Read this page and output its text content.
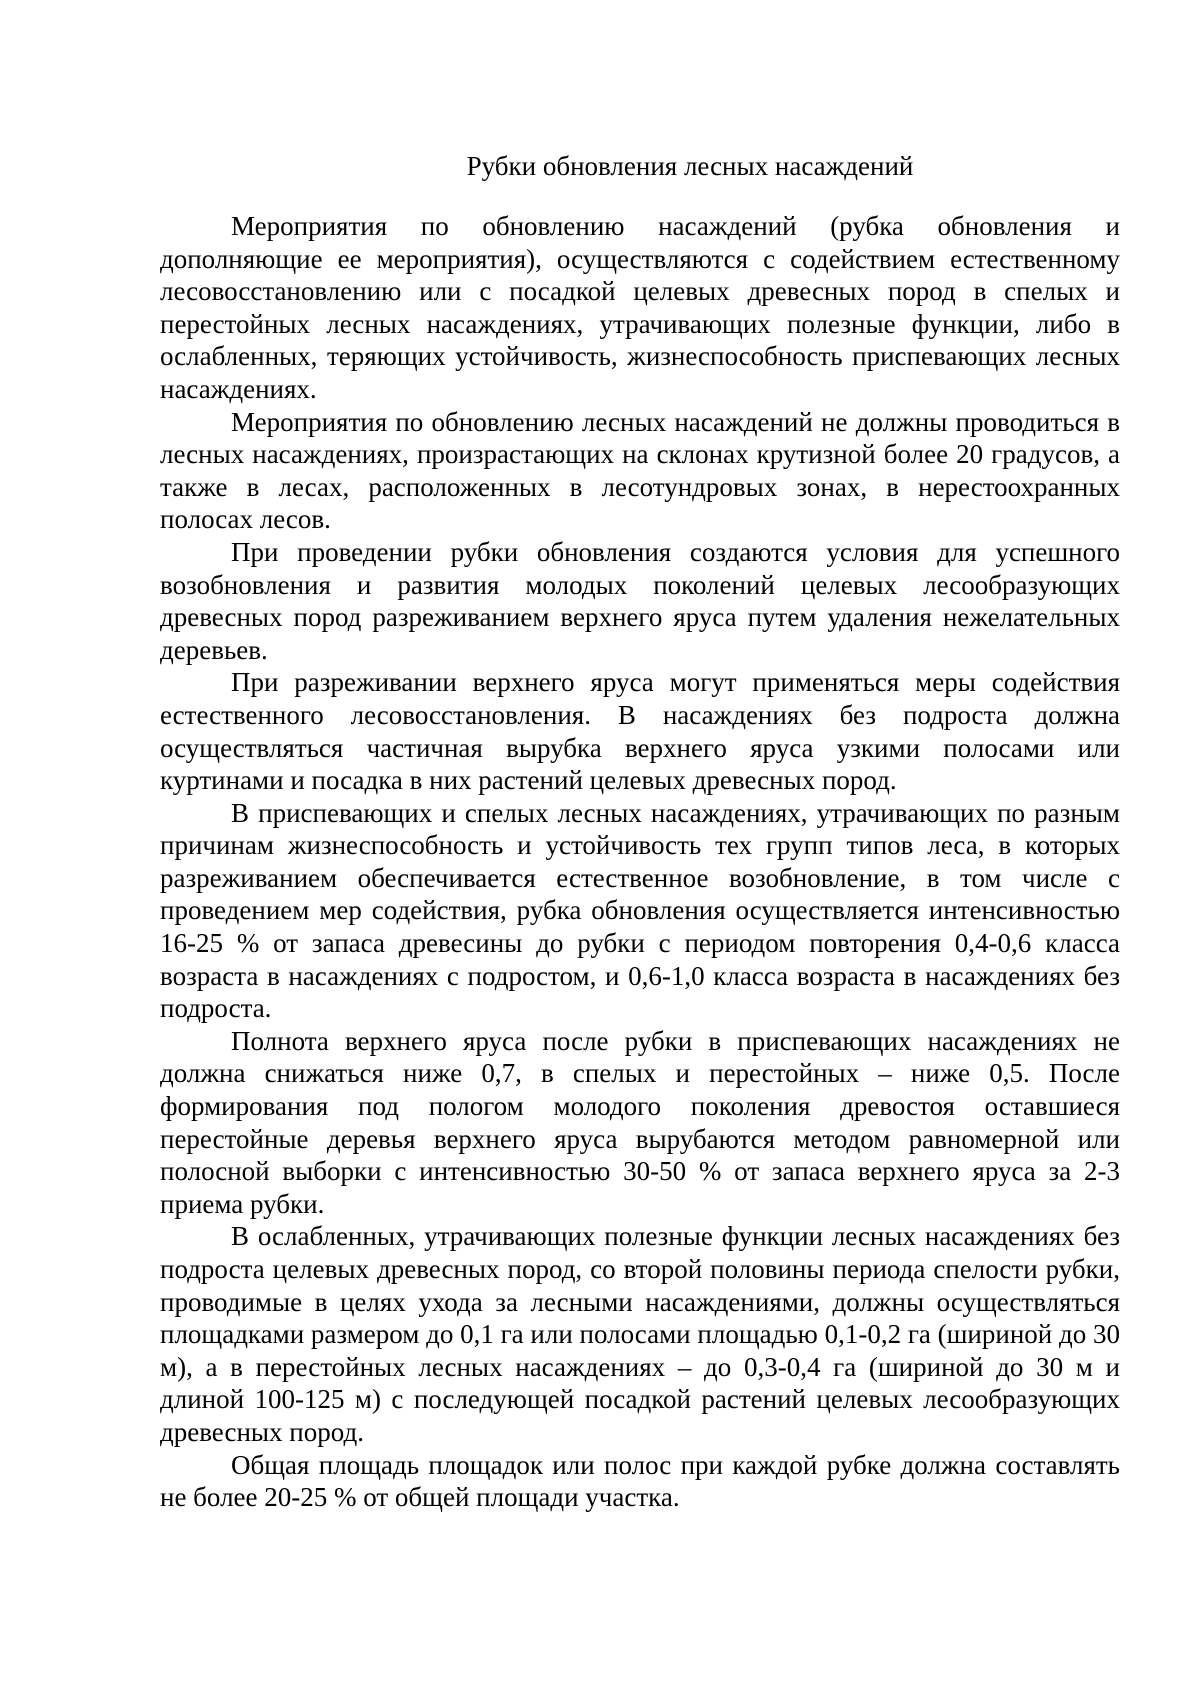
Рубки обновления лесных насаждений

Мероприятия по обновлению насаждений (рубка обновления и дополняющие ее мероприятия), осуществляются с содействием естественному лесовосстановлению или с посадкой целевых древесных пород в спелых и перестойных лесных насаждениях, утрачивающих полезные функции, либо в ослабленных, теряющих устойчивость, жизнеспособность приспевающих лесных насаждениях.

Мероприятия по обновлению лесных насаждений не должны проводиться в лесных насаждениях, произрастающих на склонах крутизной более 20 градусов, а также в лесах, расположенных в лесотундровых зонах, в нерестоохранных полосах лесов.

При проведении рубки обновления создаются условия для успешного возобновления и развития молодых поколений целевых лесообразующих древесных пород разреживанием верхнего яруса путем удаления нежелательных деревьев.

При разреживании верхнего яруса могут применяться меры содействия естественного лесовосстановления. В насаждениях без подроста должна осуществляться частичная вырубка верхнего яруса узкими полосами или куртинами и посадка в них растений целевых древесных пород.

В приспевающих и спелых лесных насаждениях, утрачивающих по разным причинам жизнеспособность и устойчивость тех групп типов леса, в которых разреживанием обеспечивается естественное возобновление, в том числе с проведением мер содействия, рубка обновления осуществляется интенсивностью 16-25 % от запаса древесины до рубки с периодом повторения 0,4-0,6 класса возраста в насаждениях с подростом, и 0,6-1,0 класса возраста в насаждениях без подроста.

Полнота верхнего яруса после рубки в приспевающих насаждениях не должна снижаться ниже 0,7, в спелых и перестойных – ниже 0,5. После формирования под пологом молодого поколения древостоя оставшиеся перестойные деревья верхнего яруса вырубаются методом равномерной или полосной выборки с интенсивностью 30-50 % от запаса верхнего яруса за 2-3 приема рубки.

В ослабленных, утрачивающих полезные функции лесных насаждениях без подроста целевых древесных пород, со второй половины периода спелости рубки, проводимые в целях ухода за лесными насаждениями, должны осуществляться площадками размером до 0,1 га или полосами площадью 0,1-0,2 га (шириной до 30 м), а в перестойных лесных насаждениях – до 0,3-0,4 га (шириной до 30 м и длиной 100-125 м) с последующей посадкой растений целевых лесообразующих древесных пород.

Общая площадь площадок или полос при каждой рубке должна составлять не более 20-25 % от общей площади участка.
